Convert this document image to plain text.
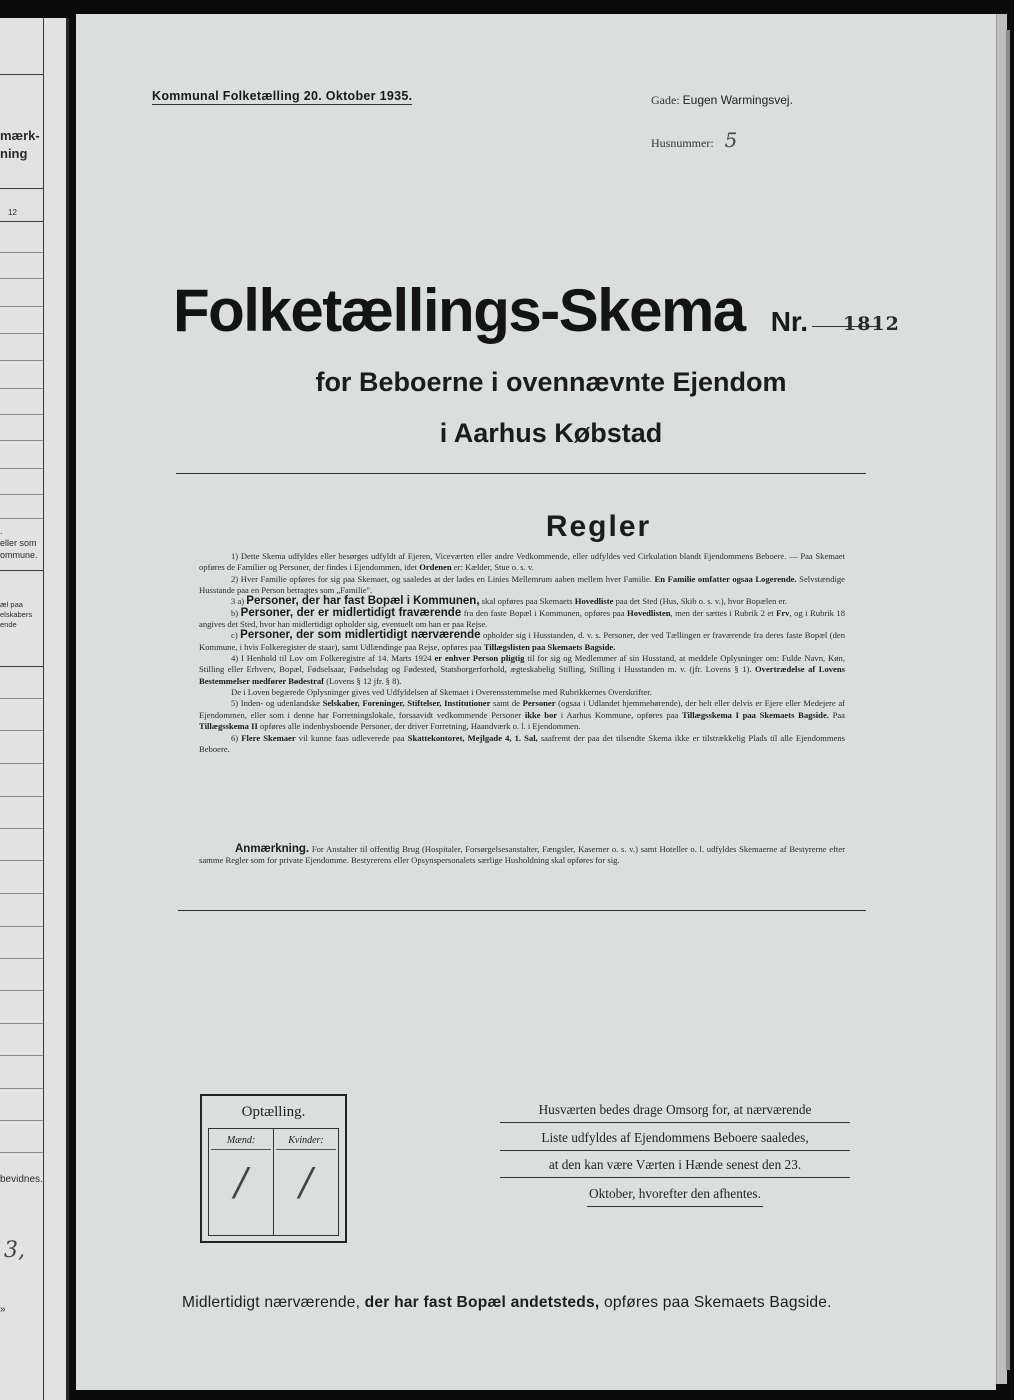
mærk-
ning
12
.
eller som
ommune.
æl paa
elskabers
ende
bevidnes.
3,
»
Kommunal Folketælling 20. Oktober 1935.	Gade: Eugen Warmingsvej.
Husnummer: 5
Folketællings-Skema Nr.	1812
for Beboerne i ovennævnte Ejendom
i Aarhus Købstad
Regler

1) Dette Skema udfyldes eller besørges udfyldt af Ejeren, Viceværten eller andre Vedkommende, eller udfyldes ved Cirkulation blandt Ejendommens Beboere. — Paa Skemaet opføres de Familier og Personer, der findes i Ejendommen, idet Ordenen er: Kælder, Stue o. s. v.

2) Hver Familie opføres for sig paa Skemaet, og saaledes at der lades en Linies Mellemrum aaben mellem hver Familie. En Familie omfatter ogsaa Logerende. Selvstændige Husstande paa en Person betragtes som „Familie".

3 a) Personer, der har fast Bopæl i Kommunen, skal opføres paa Skemaets Hovedliste paa det Sted (Hus, Skib o. s. v.), hvor Bopælen er.

b) Personer, der er midlertidigt fraværende fra den faste Bopæl i Kommunen, opføres paa Hovedlisten, men der sættes i Rubrik 2 et Frv, og i Rubrik 18 angives det Sted, hvor han midlertidigt opholder sig, eventuelt om han er paa Rejse.

c) Personer, der som midlertidigt nærværende opholder sig i Husstanden, d. v. s. Personer, der ved Tællingen er fraværende fra deres faste Bopæl (den Kommune, i hvis Folkeregister de staar), samt Udlændinge paa Rejse, opføres paa Tillægslisten paa Skemaets Bagside.

4) I Henhold til Lov om Folkeregistre af 14. Marts 1924 er enhver Person pligtig til for sig og Medlemmer af sin Husstand, at meddele Oplysninger om: Fulde Navn, Køn, Stilling eller Erhverv, Bopæl, Fødselsaar, Fødselsdag og Fødested, Statsborgerforhold, ægteskabelig Stilling, Stilling i Husstanden m. v. (jfr. Lovens § 1). Overtrædelse af Lovens Bestemmelser medfører Bødestraf (Lovens § 12 jfr. § 8).

De i Loven begærede Oplysninger gives ved Udfyldelsen af Skemaet i Overensstemmelse med Rubrikkernes Overskrifter.

5) Inden- og udenlandske Selskaber, Foreninger, Stiftelser, Institutioner samt de Personer (ogsaa i Udlandet hjemmehørende), der helt eller delvis er Ejere eller Medejere af Ejendommen, eller som i denne har Forretningslokale, forsaavidt vedkommende Personer ikke bor i Aarhus Kommune, opføres paa Tillægsskema I paa Skemaets Bagside. Paa Tillægsskema II opføres alle indenbysboende Personer, der driver Forretning, Haandværk o. l. i Ejendommen.

6) Flere Skemaer vil kunne faas udleverede paa Skattekontoret, Mejlgade 4, 1. Sal, saafremt der paa det tilsendte Skema ikke er tilstrækkelig Plads til alle Ejendommens Beboere.

Anmærkning. For Anstalter til offentlig Brug (Hospitaler, Forsørgelsesanstalter, Fængsler, Kaserner o. s. v.) samt Hoteller o. l. udfyldes Skemaerne af Bestyrerne efter samme Regler som for private Ejendomme. Bestyrerens eller Opsynspersonalets særlige Husholdning skal opføres for sig.
Optælling.
Mænd:
/
Kvinder:
/
Husværten bedes drage Omsorg for, at nærværende
Liste udfyldes af Ejendommens Beboere saaledes,
at den kan være Værten i Hænde senest den 23.
Oktober, hvorefter den afhentes.
Midlertidigt nærværende, der har fast Bopæl andetsteds, opføres paa Skemaets Bagside.
